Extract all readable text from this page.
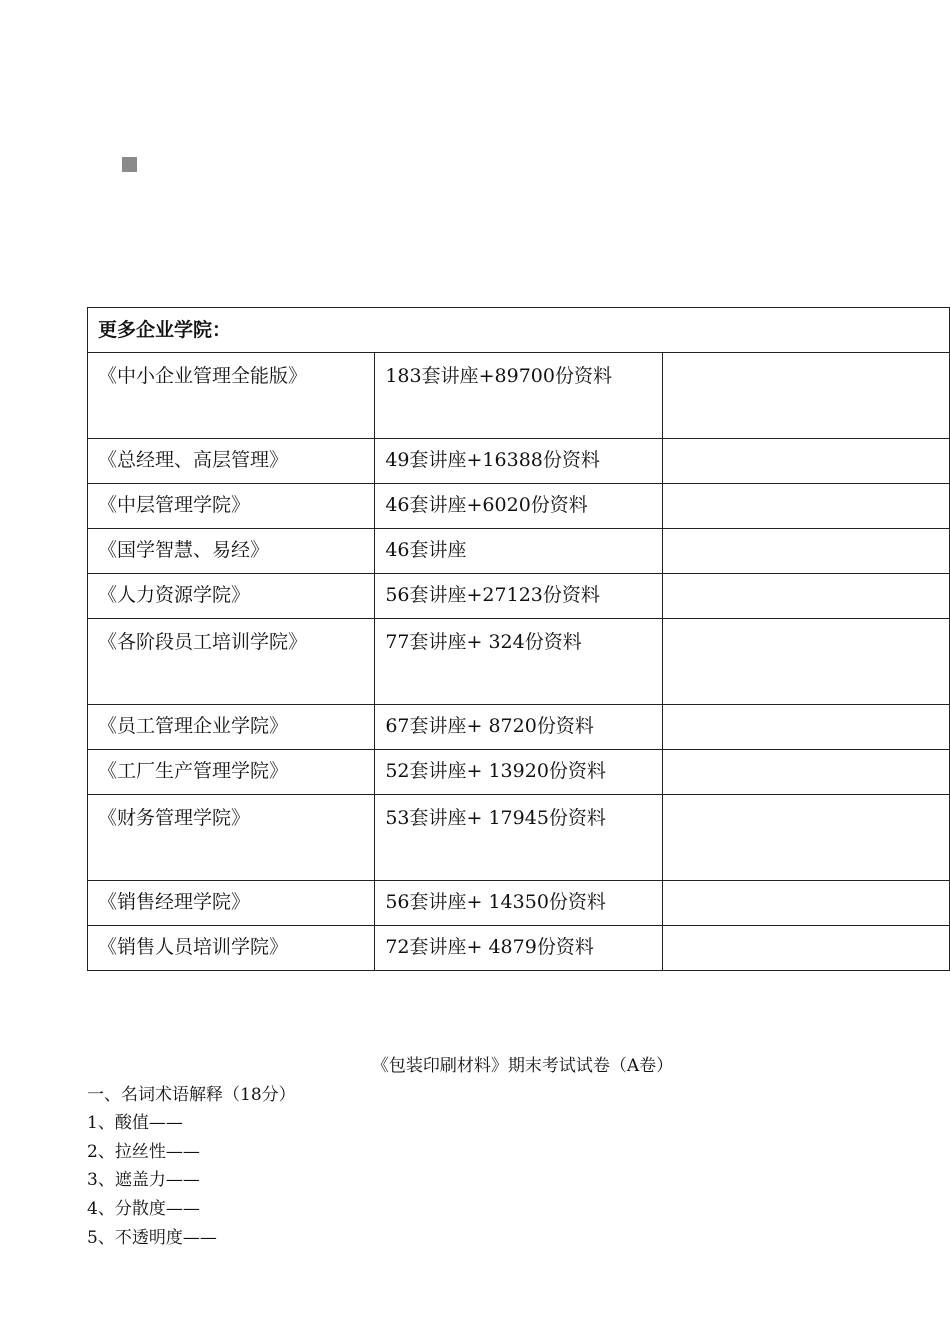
更多企业学院：		
《中小企业管理全能版》	183套讲座+89700份资料	
《总经理、高层管理》	49套讲座+16388份资料	
《中层管理学院》	46套讲座+6020份资料	
《国学智慧、易经》	46套讲座	
《人力资源学院》	56套讲座+27123份资料	
《各阶段员工培训学院》	77套讲座+ 324份资料	
《员工管理企业学院》	67套讲座+ 8720份资料	
《工厂生产管理学院》	52套讲座+ 13920份资料	
《财务管理学院》	53套讲座+ 17945份资料	
《销售经理学院》	56套讲座+ 14350份资料	
《销售人员培训学院》	72套讲座+ 4879份资料	
《包装印刷材料》期末考试试卷（A卷）
一、名词术语解释（18分）
1、酸值——
2、拉丝性——
3、遮盖力——
4、分散度——
5、不透明度——
